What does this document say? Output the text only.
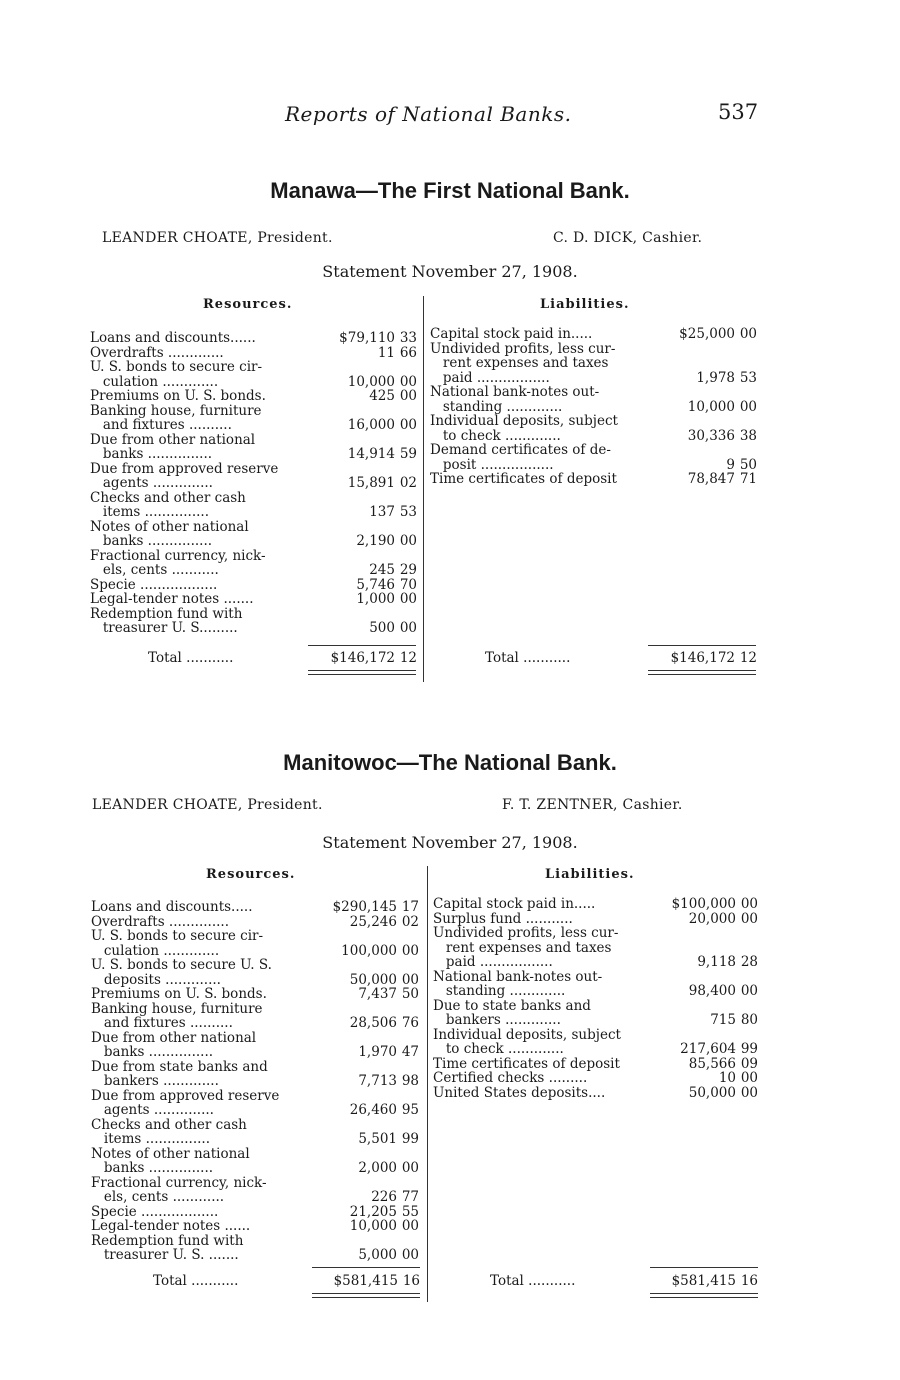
Reports of National Banks.	537
Manawa—The First National Bank.
LEANDER CHOATE, President.	C. D. DICK, Cashier.
Statement November 27, 1908.
Resources.	Liabilities.
Loans and discounts......	$79,110 33
Overdrafts .............	11 66
U. S. bonds to secure cir-
culation .............	10,000 00
Premiums on U. S. bonds.	425 00
Banking house, furniture
and fixtures ..........	16,000 00
Due from other national
banks ...............	14,914 59
Due from approved reserve
agents ..............	15,891 02
Checks and other cash
items ...............	137 53
Notes of other national
banks ...............	2,190 00
Fractional currency, nick-
els, cents ...........	245 29
Specie ..................	5,746 70
Legal-tender notes .......	1,000 00
Redemption fund with
treasurer U. S.........	500 00
Capital stock paid in.....	$25,000 00
Undivided profits, less cur-
rent expenses and taxes
paid .................	1,978 53
National bank-notes out-
standing .............	10,000 00
Individual deposits, subject
to check .............	30,336 38
Demand certificates of de-
posit .................	9 50
Time certificates of deposit	78,847 71
Total ...........	$146,172 12	Total ...........	$146,172 12
Manitowoc—The National Bank.
LEANDER CHOATE, President.	F. T. ZENTNER, Cashier.
Statement November 27, 1908.
Resources.	Liabilities.
Loans and discounts.....	$290,145 17
Overdrafts ..............	25,246 02
U. S. bonds to secure cir-
culation .............	100,000 00
U. S. bonds to secure U. S.
deposits .............	50,000 00
Premiums on U. S. bonds.	7,437 50
Banking house, furniture
and fixtures ..........	28,506 76
Due from other national
banks ...............	1,970 47
Due from state banks and
bankers .............	7,713 98
Due from approved reserve
agents ..............	26,460 95
Checks and other cash
items ...............	5,501 99
Notes of other national
banks ...............	2,000 00
Fractional currency, nick-
els, cents ............	226 77
Specie ..................	21,205 55
Legal-tender notes ......	10,000 00
Redemption fund with
treasurer U. S. .......	5,000 00
Capital stock paid in.....	$100,000 00
Surplus fund ...........	20,000 00
Undivided profits, less cur-
rent expenses and taxes
paid .................	9,118 28
National bank-notes out-
standing .............	98,400 00
Due to state banks and
bankers .............	715 80
Individual deposits, subject
to check .............	217,604 99
Time certificates of deposit	85,566 09
Certified checks .........	10 00
United States deposits....	50,000 00
Total ...........	$581,415 16	Total ...........	$581,415 16
